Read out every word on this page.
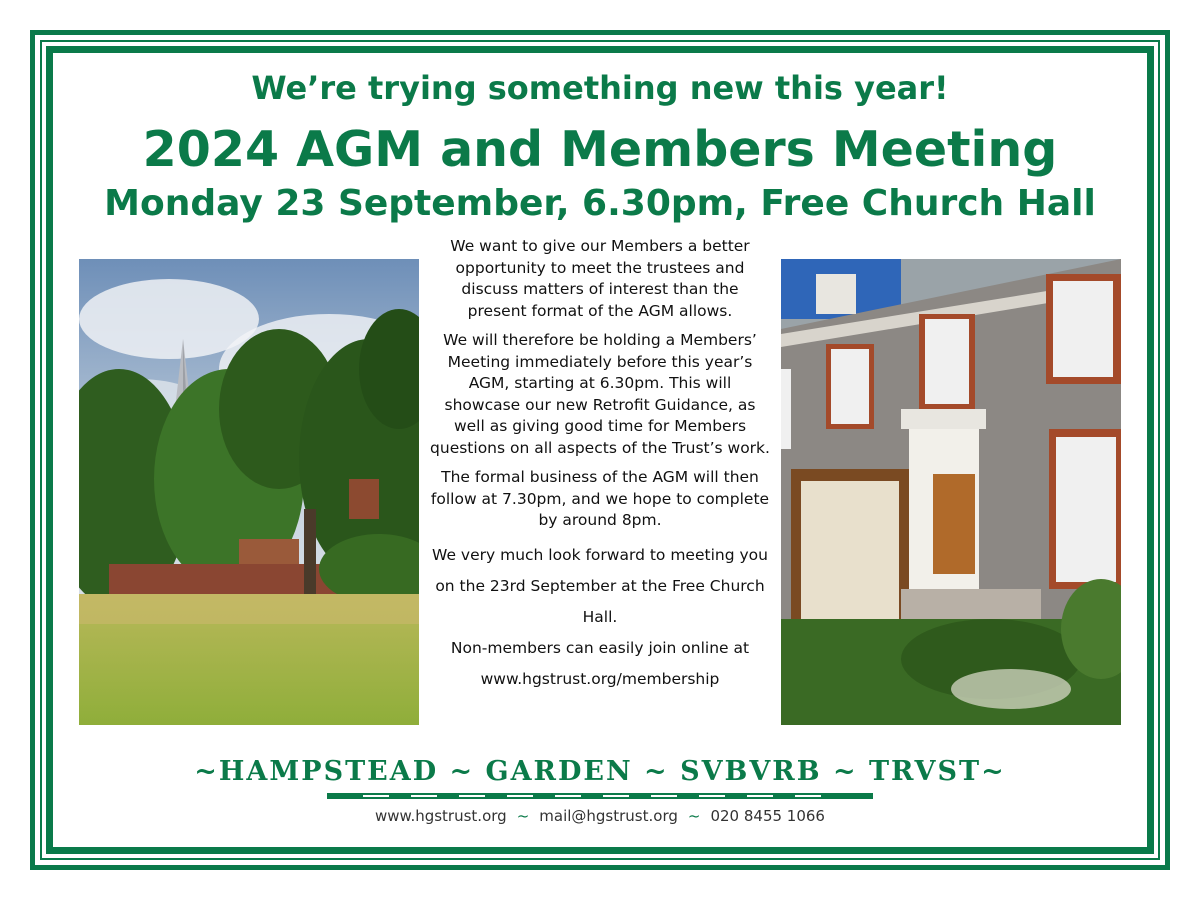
We’re trying something new this year!
2024 AGM and Members Meeting
Monday 23 September, 6.30pm, Free Church Hall

We want to give our Members a better opportunity to meet the trustees and discuss matters of interest than the present format of the AGM allows.

We will therefore be holding a Members’ Meeting immediately before this year’s AGM, starting at 6.30pm. This will showcase our new Retrofit Guidance, as well as giving good time for Members questions on all aspects of the Trust’s work.

The formal business of the AGM will then follow at 7.30pm, and we hope to complete by around 8pm.

We very much look forward to meeting you on the 23rd September at the Free Church Hall.

Non-members can easily join online at www.hgstrust.org/membership

~HAMPSTEAD ~ GARDEN ~ SVBVRB ~ TRVST~
www.hgstrust.org ~ mail@hgstrust.org ~ 020 8455 1066
